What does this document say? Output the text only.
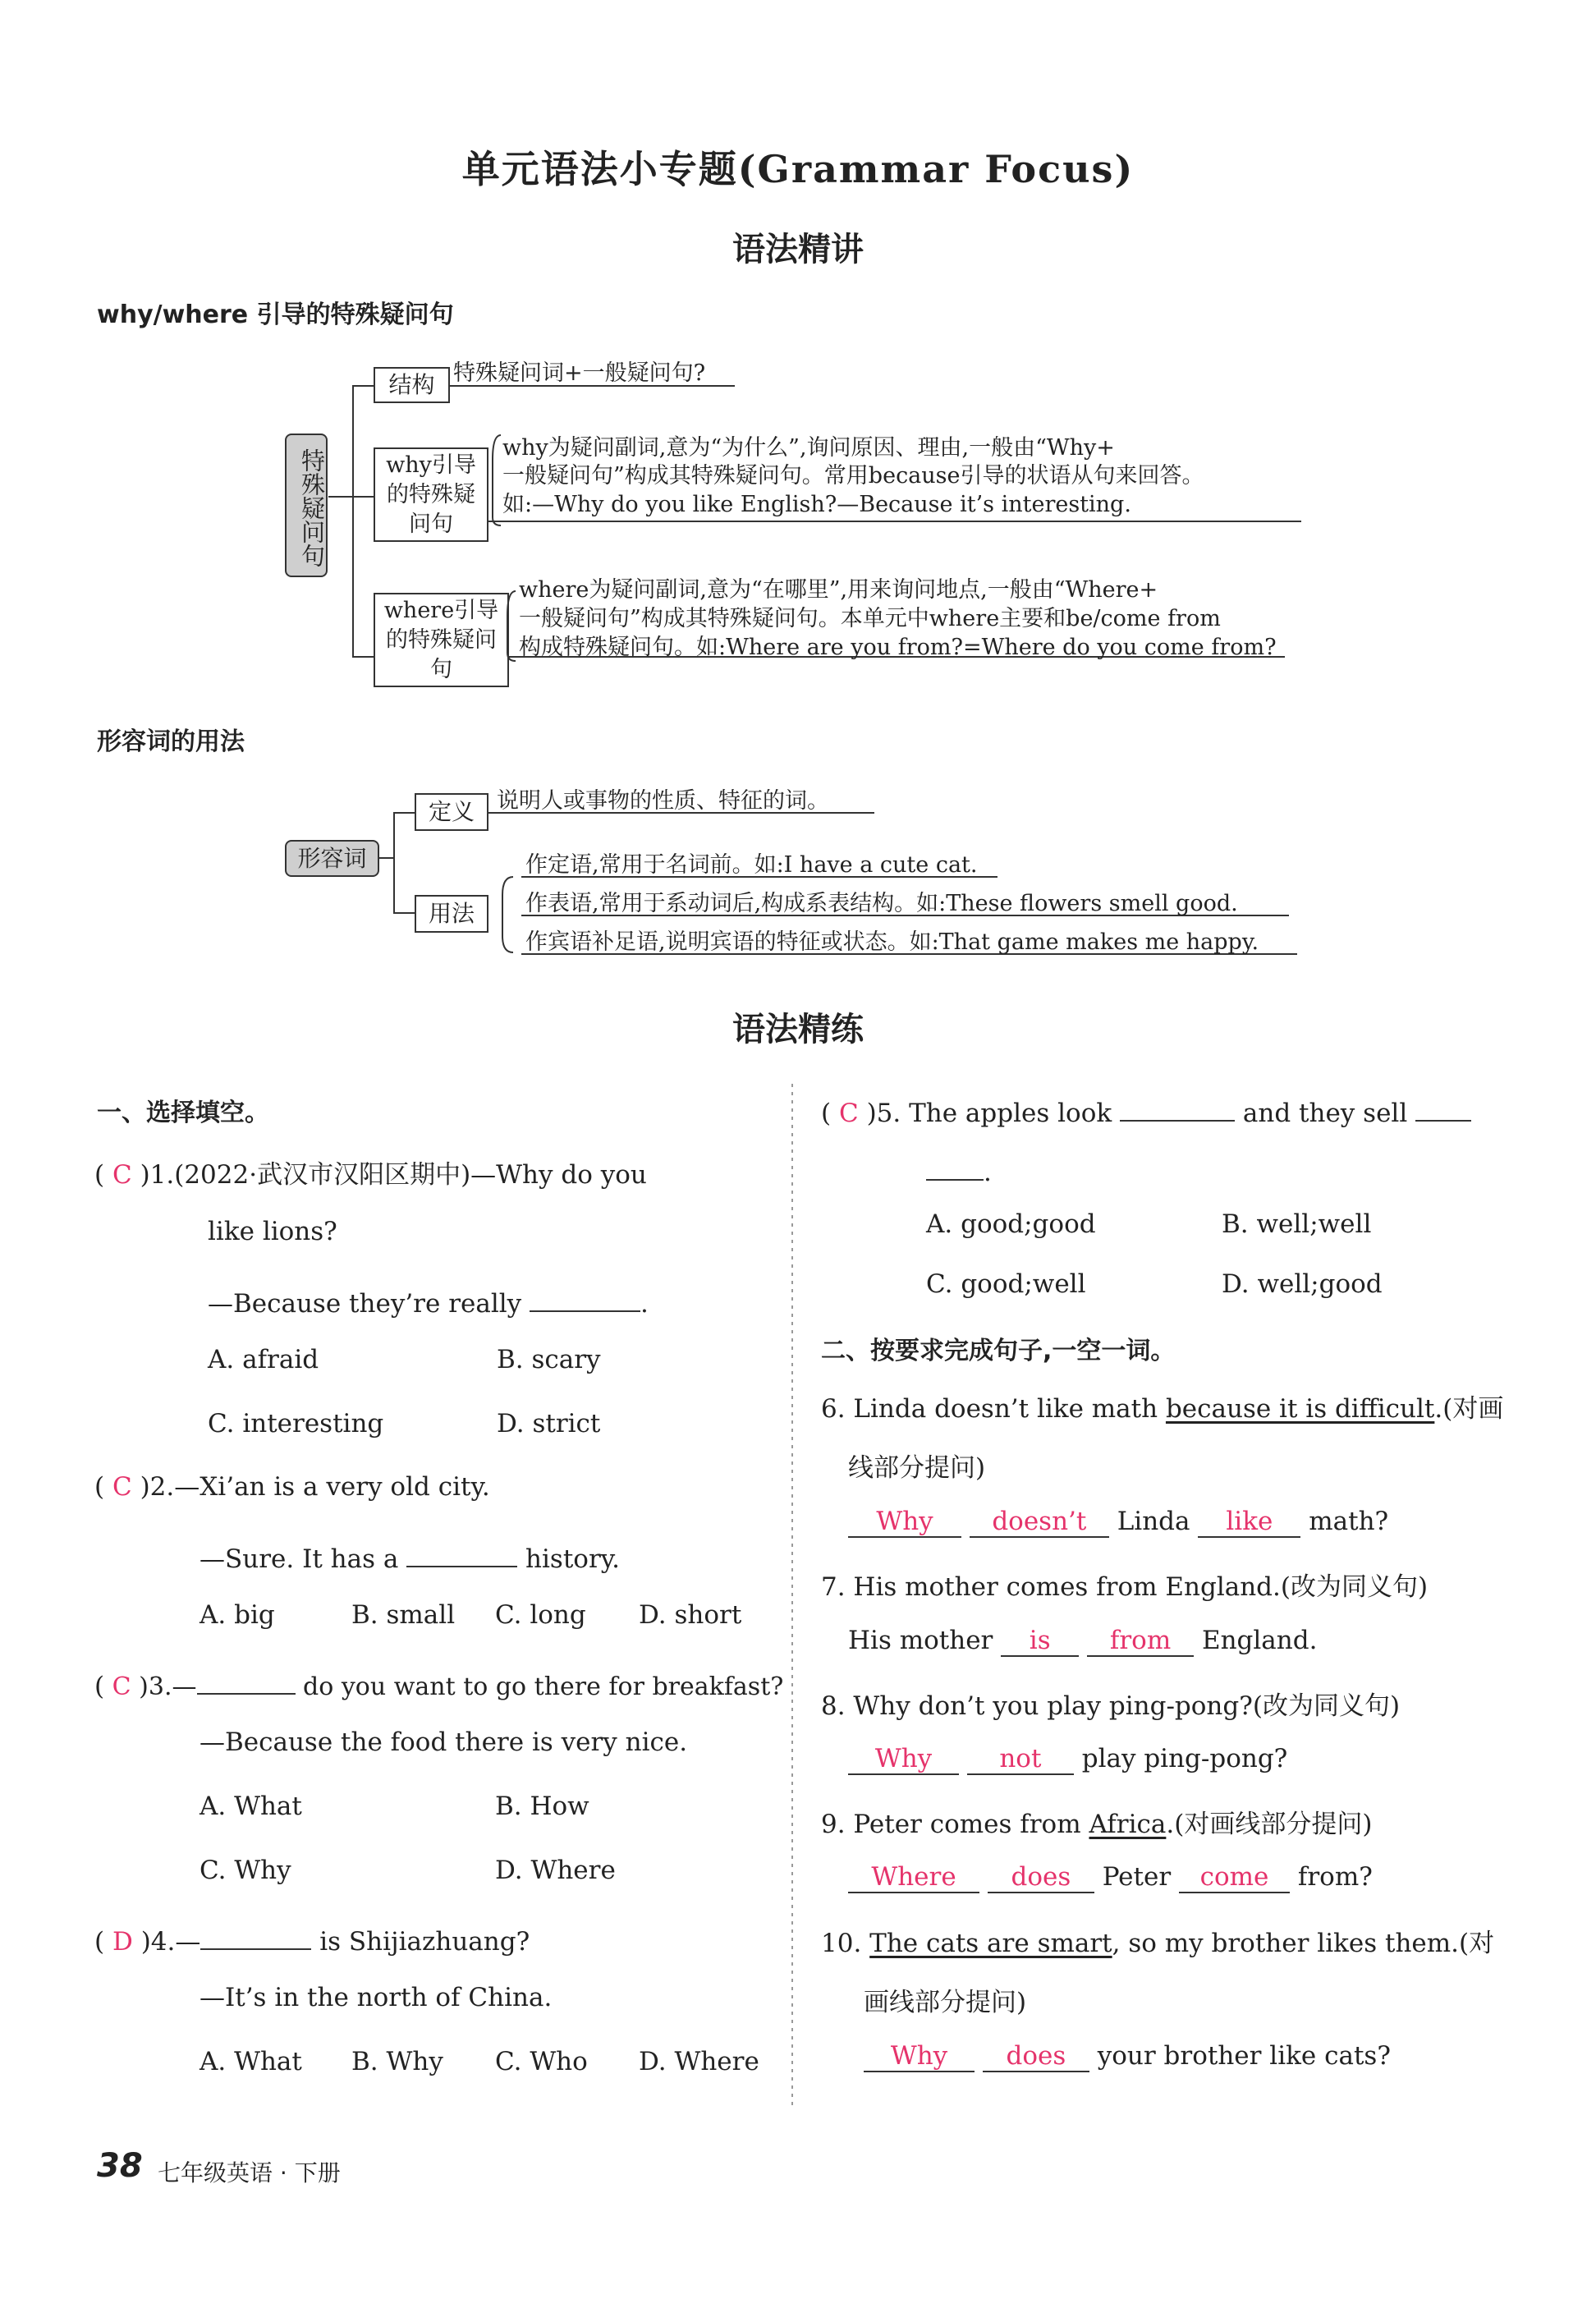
单元语法小专题(Grammar Focus)
语法精讲
why/where 引导的特殊疑问句
特殊疑问句
结构 特殊疑问词+一般疑问句?
why引导的特殊疑问句
why为疑问副词,意为“为什么”,询问原因、理由,一般由“Why+
一般疑问句”构成其特殊疑问句。常用because引导的状语从句来回答。
如:—Why do you like English?—Because it’s interesting.
where引导的特殊疑问句
where为疑问副词,意为“在哪里”,用来询问地点,一般由“Where+
一般疑问句”构成其特殊疑问句。本单元中where主要和be/come from
构成特殊疑问句。如:Where are you from?=Where do you come from?
形容词的用法
形容词
定义	说明人或事物的性质、特征的词。
用法
作定语,常用于名词前。如:I have a cute cat.
作表语,常用于系动词后,构成系表结构。如:These flowers smell good.
作宾语补足语,说明宾语的特征或状态。如:That game makes me happy.
语法精练
一、选择填空。
( C )1.(2022·武汉市汉阳区期中)—Why do you
like lions?
—Because they’re really	.
A. afraid	B. scary
C. interesting	D. strict
( C )2.—Xi’an is a very old city.
—Sure. It has a	history.
A. big	B. small C. long D. short
( C )3.—	do you want to go there for breakfast?
—Because the food there is very nice.
A. What	B. How
C. Why	D. Where
( D )4.—	is Shijiazhuang?
—It’s in the north of China.
A. What B. Why C. Who D. Where
( C )5. The apples look	and they sell
.
A. good;good	B. well;well
C. good;well	D. well;good
二、按要求完成句子,一空一词。
6. Linda doesn’t like math because it is difficult.(对画
线部分提问)
Why doesn’t Linda like math?
7. His mother comes from England.(改为同义句)
His mother is from England.
8. Why don’t you play ping-pong?(改为同义句)
Why	not play ping-pong?
9. Peter comes from Africa.(对画线部分提问)
Where does Peter come from?
10. The cats are smart, so my brother likes them.(对
画线部分提问)
Why does your brother like cats?
38 七年级英语 · 下册
